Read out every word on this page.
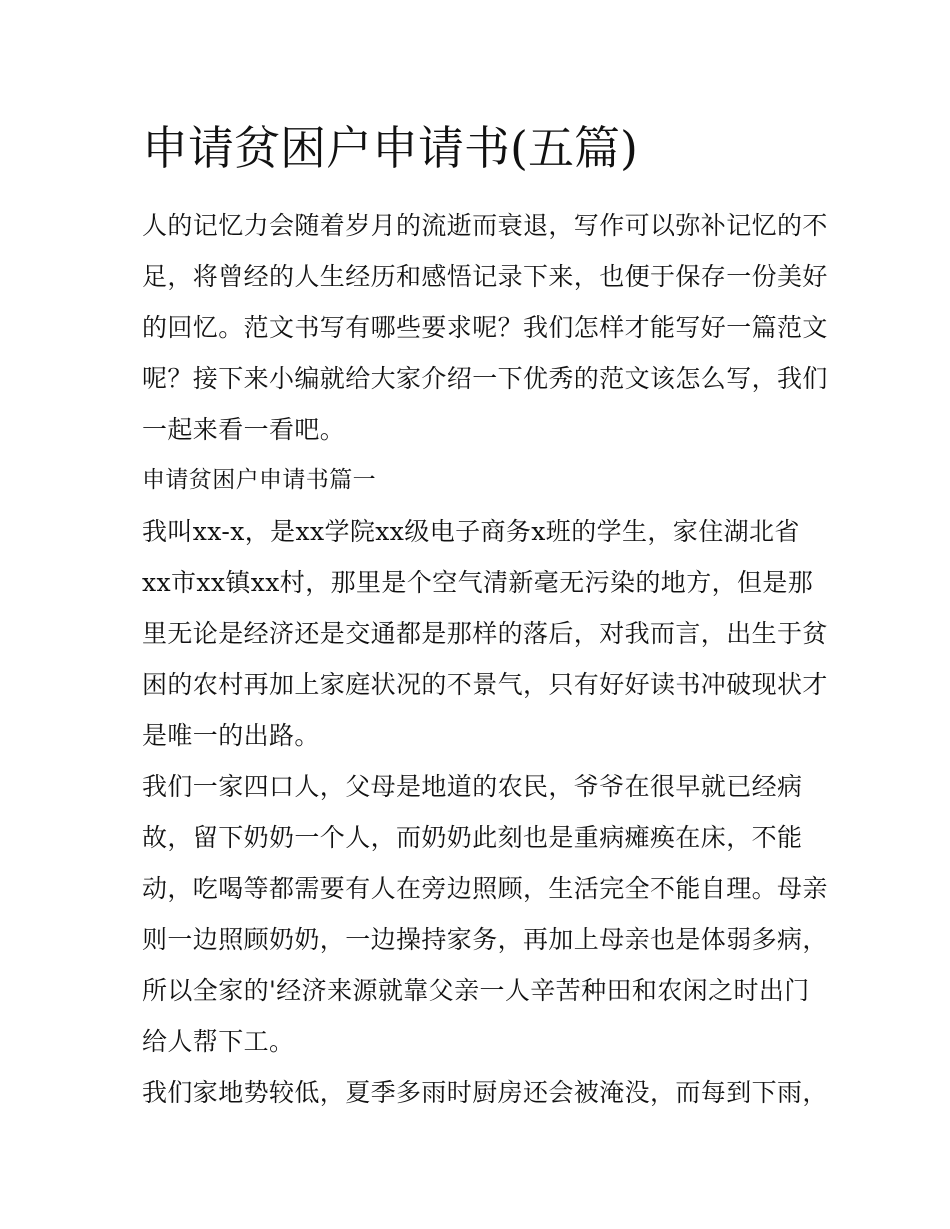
申请贫困户申请书(五篇)
人的记忆力会随着岁月的流逝而衰退，写作可以弥补记忆的不
足，将曾经的人生经历和感悟记录下来，也便于保存一份美好
的回忆。范文书写有哪些要求呢？我们怎样才能写好一篇范文
呢？接下来小编就给大家介绍一下优秀的范文该怎么写，我们
一起来看一看吧。
申请贫困户申请书篇一
我叫xx-x，是xx学院xx级电子商务x班的学生，家住湖北省
xx市xx镇xx村，那里是个空气清新毫无污染的地方，但是那
里无论是经济还是交通都是那样的落后，对我而言，出生于贫
困的农村再加上家庭状况的不景气，只有好好读书冲破现状才
是唯一的出路。
我们一家四口人，父母是地道的农民，爷爷在很早就已经病
故，留下奶奶一个人，而奶奶此刻也是重病瘫痪在床，不能
动，吃喝等都需要有人在旁边照顾，生活完全不能自理。母亲
则一边照顾奶奶，一边操持家务，再加上母亲也是体弱多病，
所以全家的'经济来源就靠父亲一人辛苦种田和农闲之时出门
给人帮下工。
我们家地势较低，夏季多雨时厨房还会被淹没，而每到下雨，
